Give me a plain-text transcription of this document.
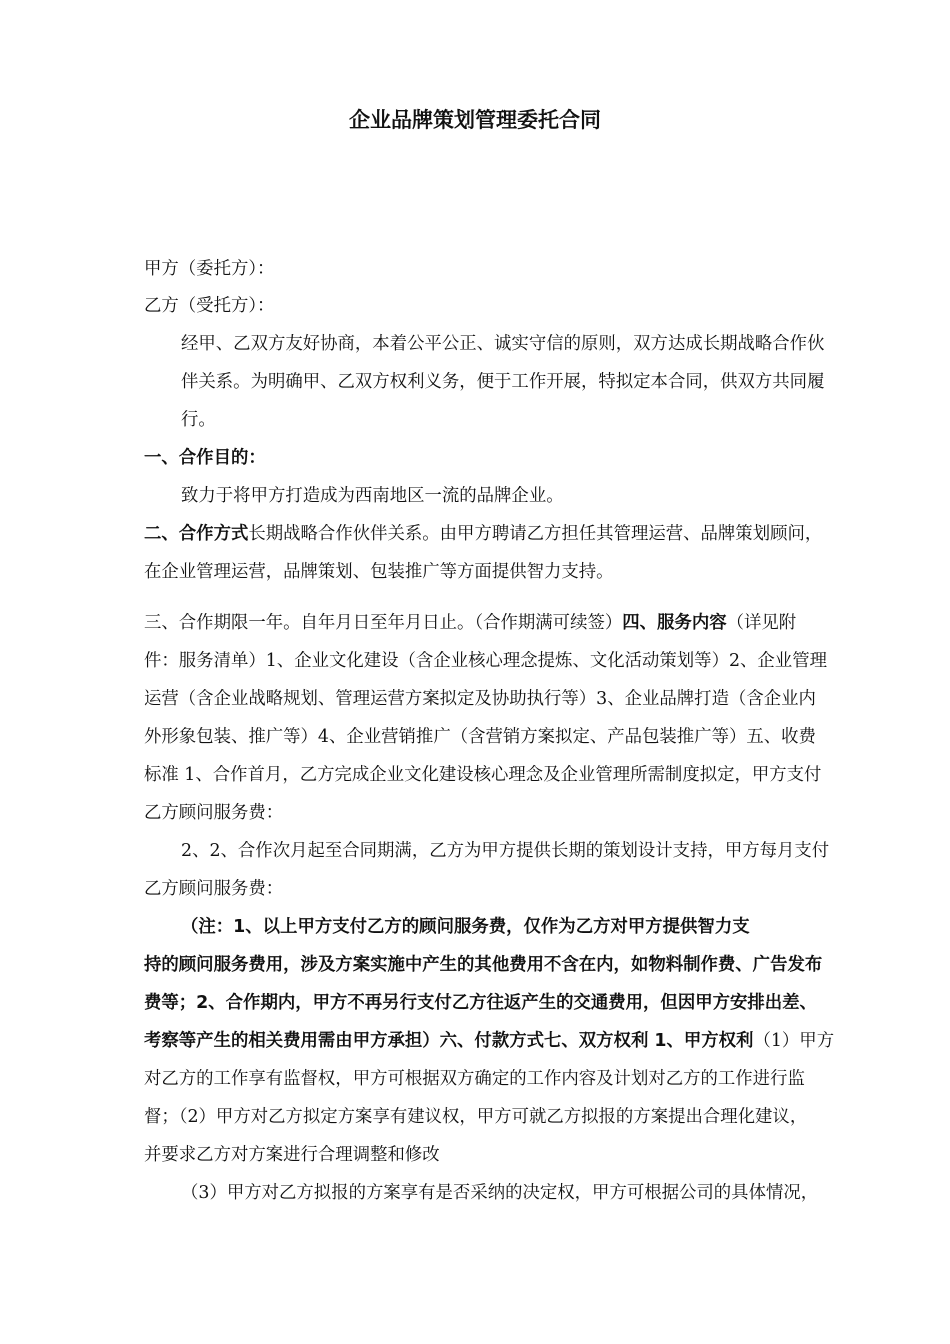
企业品牌策划管理委托合同
甲方（委托方）：
乙方（受托方）：
经甲、乙双方友好协商，本着公平公正、诚实守信的原则，双方达成长期战略合作伙
伴关系。为明确甲、乙双方权利义务，便于工作开展，特拟定本合同，供双方共同履
行。
一、合作目的：
致力于将甲方打造成为西南地区一流的品牌企业。
二、合作方式长期战略合作伙伴关系。由甲方聘请乙方担任其管理运营、品牌策划顾问，
在企业管理运营，品牌策划、包装推广等方面提供智力支持。
三、合作期限一年。自年月日至年月日止。（合作期满可续签）四、服务内容（详见附
件：服务清单）1、企业文化建设（含企业核心理念提炼、文化活动策划等）2、企业管理
运营（含企业战略规划、管理运营方案拟定及协助执行等）3、企业品牌打造（含企业内
外形象包装、推广等）4、企业营销推广（含营销方案拟定、产品包装推广等）五、收费
标准 1、合作首月，乙方完成企业文化建设核心理念及企业管理所需制度拟定，甲方支付
乙方顾问服务费：
2、2、合作次月起至合同期满，乙方为甲方提供长期的策划设计支持，甲方每月支付
乙方顾问服务费：
（注：1、以上甲方支付乙方的顾问服务费，仅作为乙方对甲方提供智力支
持的顾问服务费用，涉及方案实施中产生的其他费用不含在内，如物料制作费、广告发布
费等；2、合作期内，甲方不再另行支付乙方往返产生的交通费用，但因甲方安排出差、
考察等产生的相关费用需由甲方承担）六、付款方式七、双方权利 1、甲方权利（1）甲方
对乙方的工作享有监督权，甲方可根据双方确定的工作内容及计划对乙方的工作进行监
督；（2）甲方对乙方拟定方案享有建议权，甲方可就乙方拟报的方案提出合理化建议，
并要求乙方对方案进行合理调整和修改
（3）甲方对乙方拟报的方案享有是否采纳的决定权，甲方可根据公司的具体情况，
